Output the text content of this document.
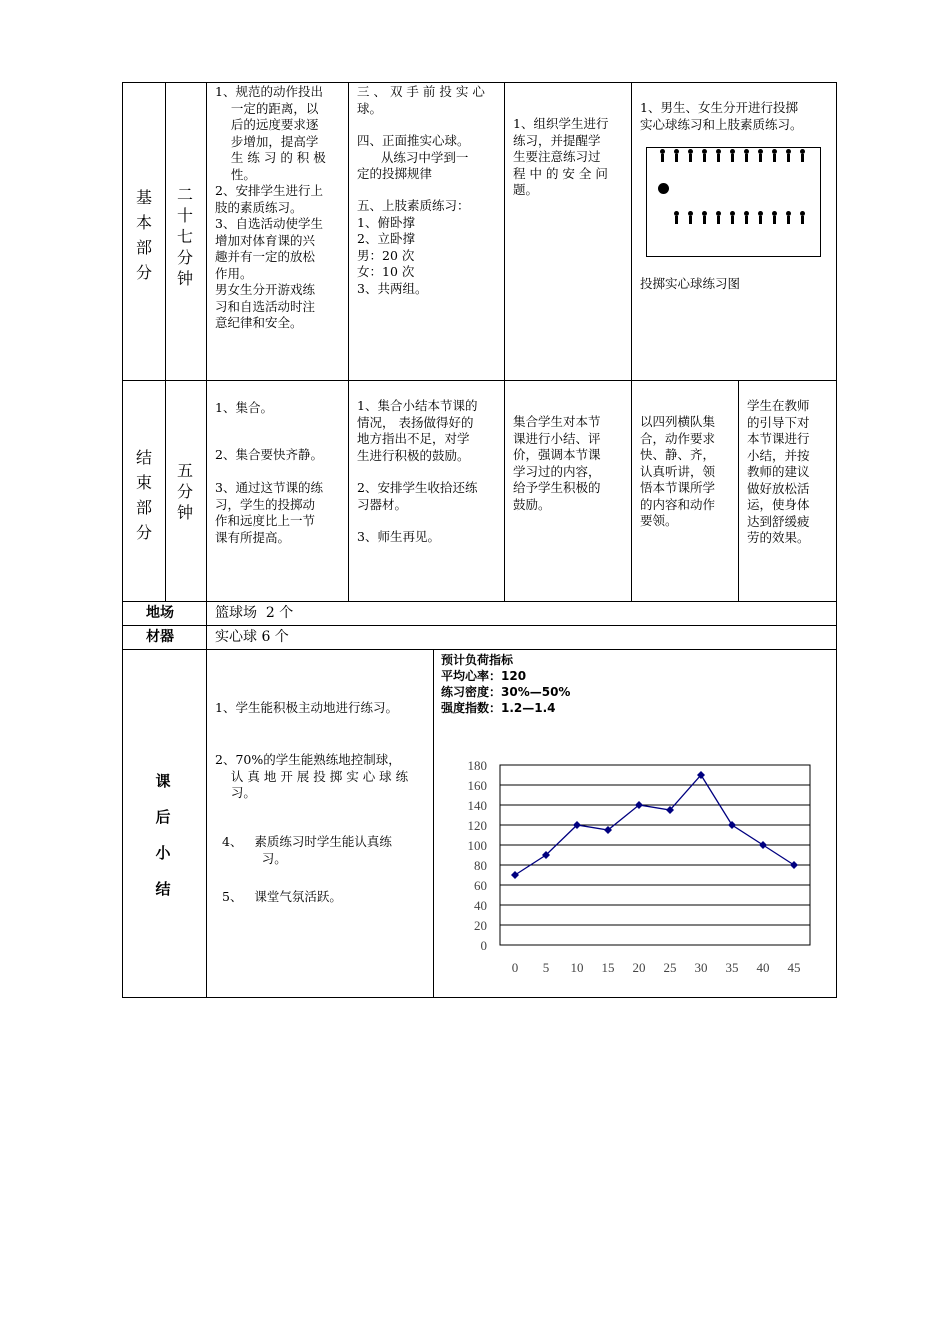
基
本
部
分
二
十
七
分
钟
1、规范的动作投出
一定的距离，以
后的远度要求逐
步增加，提高学
生 练 习 的 积 极
性。
2、安排学生进行上
肢的素质练习。
3、自选活动使学生
增加对体育课的兴
趣并有一定的放松
作用。
男女生分开游戏练
习和自选活动时注
意纪律和安全。
三 、 双 手 前 投 实 心
球。
四、正面推实心球。
从练习中学到一
定的投掷规律
五、上肢素质练习：
1、俯卧撑
2、立卧撑
男：20 次
女：10 次
3、共两组。
1、组织学生进行
练习，并提醒学
生要注意练习过
程 中 的 安 全 问
题。
1、男生、女生分开进行投掷
实心球练习和上肢素质练习。
投掷实心球练习图
结
束
部
分
五
分
钟
1、集合。
2、集合要快齐静。
3、通过这节课的练
习，学生的投掷动
作和远度比上一节
课有所提高。
1、集合小结本节课的
情况， 表扬做得好的
地方指出不足，对学
生进行积极的鼓励。
2、安排学生收拾还练
习器材。
3、师生再见。
集合学生对本节
课进行小结、评
价，强调本节课
学习过的内容，
给予学生积极的
鼓励。
以四列横队集
合，动作要求
快、静、齐，
认真听讲，领
悟本节课所学
的内容和动作
要领。
学生在教师
的引导下对
本节课进行
小结，并按
教师的建议
做好放松活
运，使身体
达到舒缓疲
劳的效果。
地场	篮球场  2 个
材器	实心球 6 个
课
后
小
结
1、学生能积极主动地进行练习。
2、70%的学生能熟练地控制球，
认 真 地 开 展 投 掷 实 心 球 练
习。
4、   素质练习时学生能认真练
习。
5、   课堂气氛活跃。
预计负荷指标
平均心率：120
练习密度：30%—50%
强度指数：1.2—1.4
0
20
40
60
80
100
120
140
160
180
0 5 10 15 20 25 30 35 40 45
